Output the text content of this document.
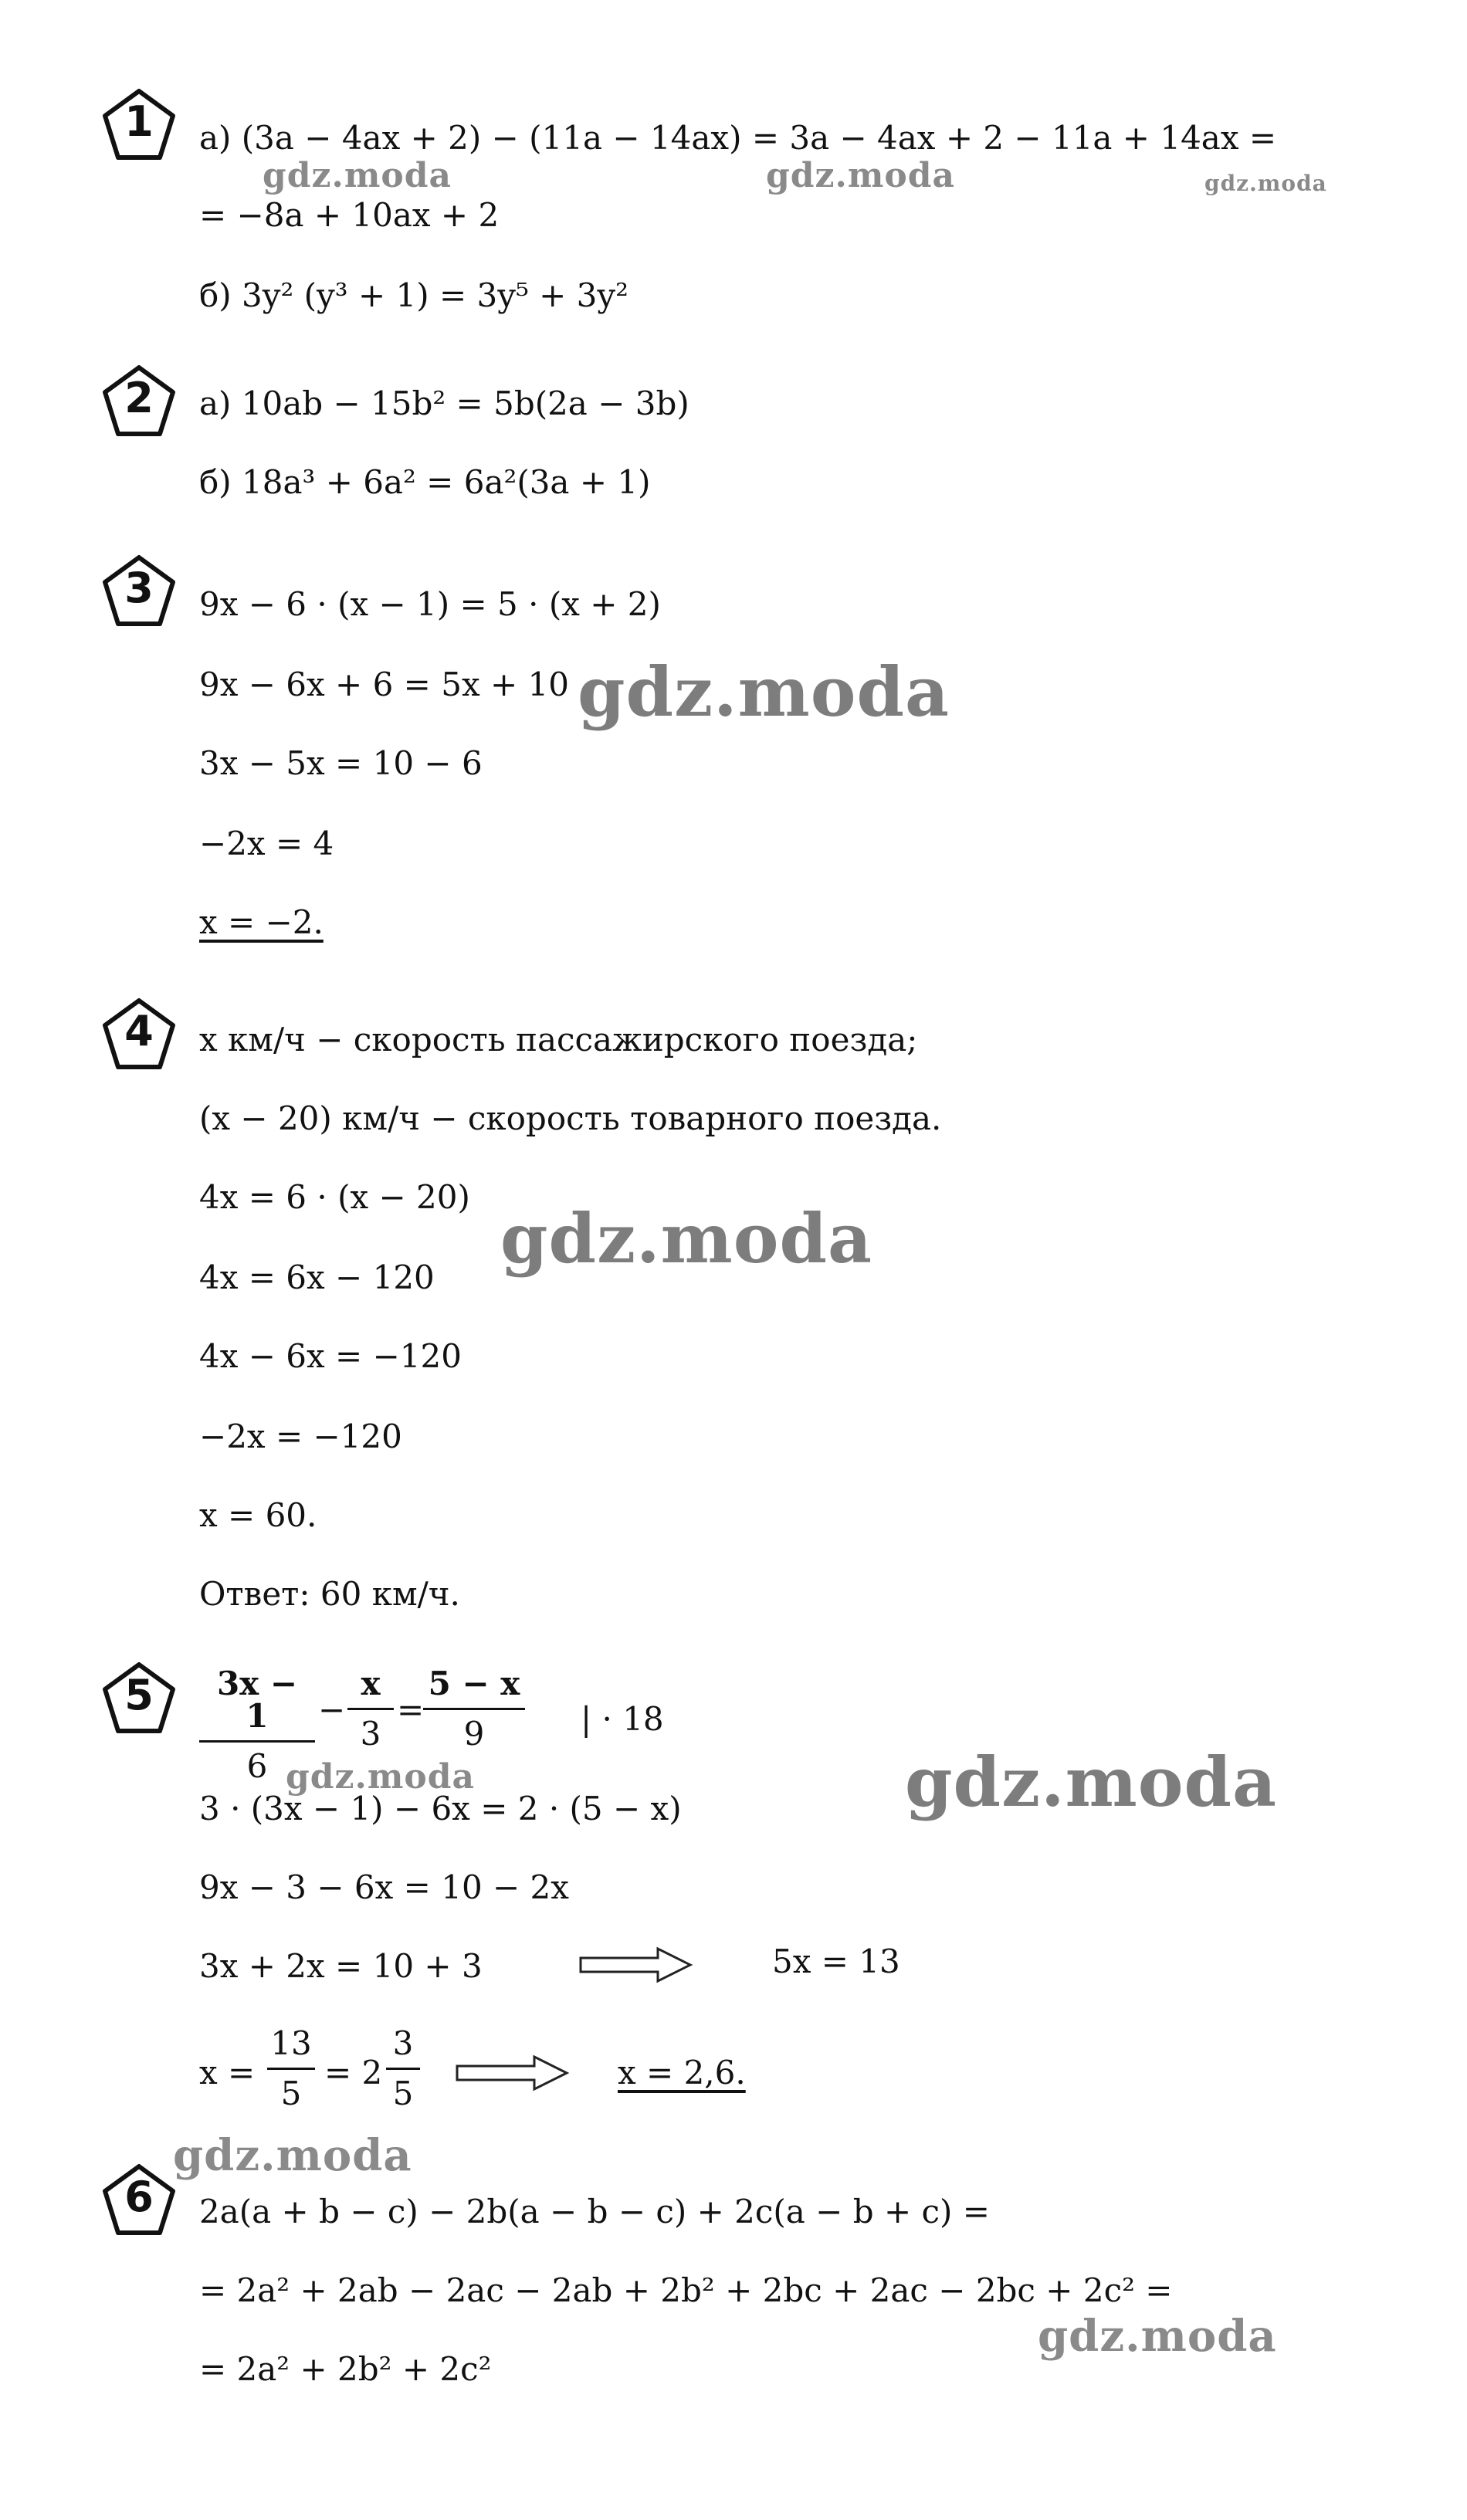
1	а) (3a − 4ax + 2) − (11a − 14ax) = 3a − 4ax + 2 − 11a + 14ax =
= −8a + 10ax + 2
б) 3y² (y³ + 1) = 3y⁵ + 3y²
2	а) 10ab − 15b² = 5b(2a − 3b)
б) 18a³ + 6a² = 6a²(3a + 1)
3	9x − 6 · (x − 1) = 5 · (x + 2)
9x − 6x + 6 = 5x + 10
3x − 5x = 10 − 6
−2x = 4
x = −2.
4	x км/ч − скорость пассажирского поезда;
(x − 20) км/ч − скорость товарного поезда.
4x = 6 · (x − 20)
4x = 6x − 120
4x − 6x = −120
−2x = −120
x = 60.
Ответ: 60 км/ч.
5	$\frac{3x - 1}{6} - \frac{x}{3}$ =
$\frac{5 - x}{9}$ | · 18
3 · (3x − 1) − 6x = 2 · (5 − x)
9x − 3 − 6x = 10 − 2x
3x + 2x = 10 + 3	5x = 13
$x = \frac{13}{5} = 2 \frac{3}{5}$	x = 2,6.
6	2a(a + b − c) − 2b(a − b − c) + 2c(a − b + c) =
= 2a² + 2ab − 2ac − 2ab + 2b² + 2bc + 2ac − 2bc + 2c² =
= 2a² + 2b² + 2c²
gdz.moda	gdz.moda	gdz.moda
gdz.moda
gdz.moda
gdz.moda	gdz.moda
gdz.moda
gdz.moda
